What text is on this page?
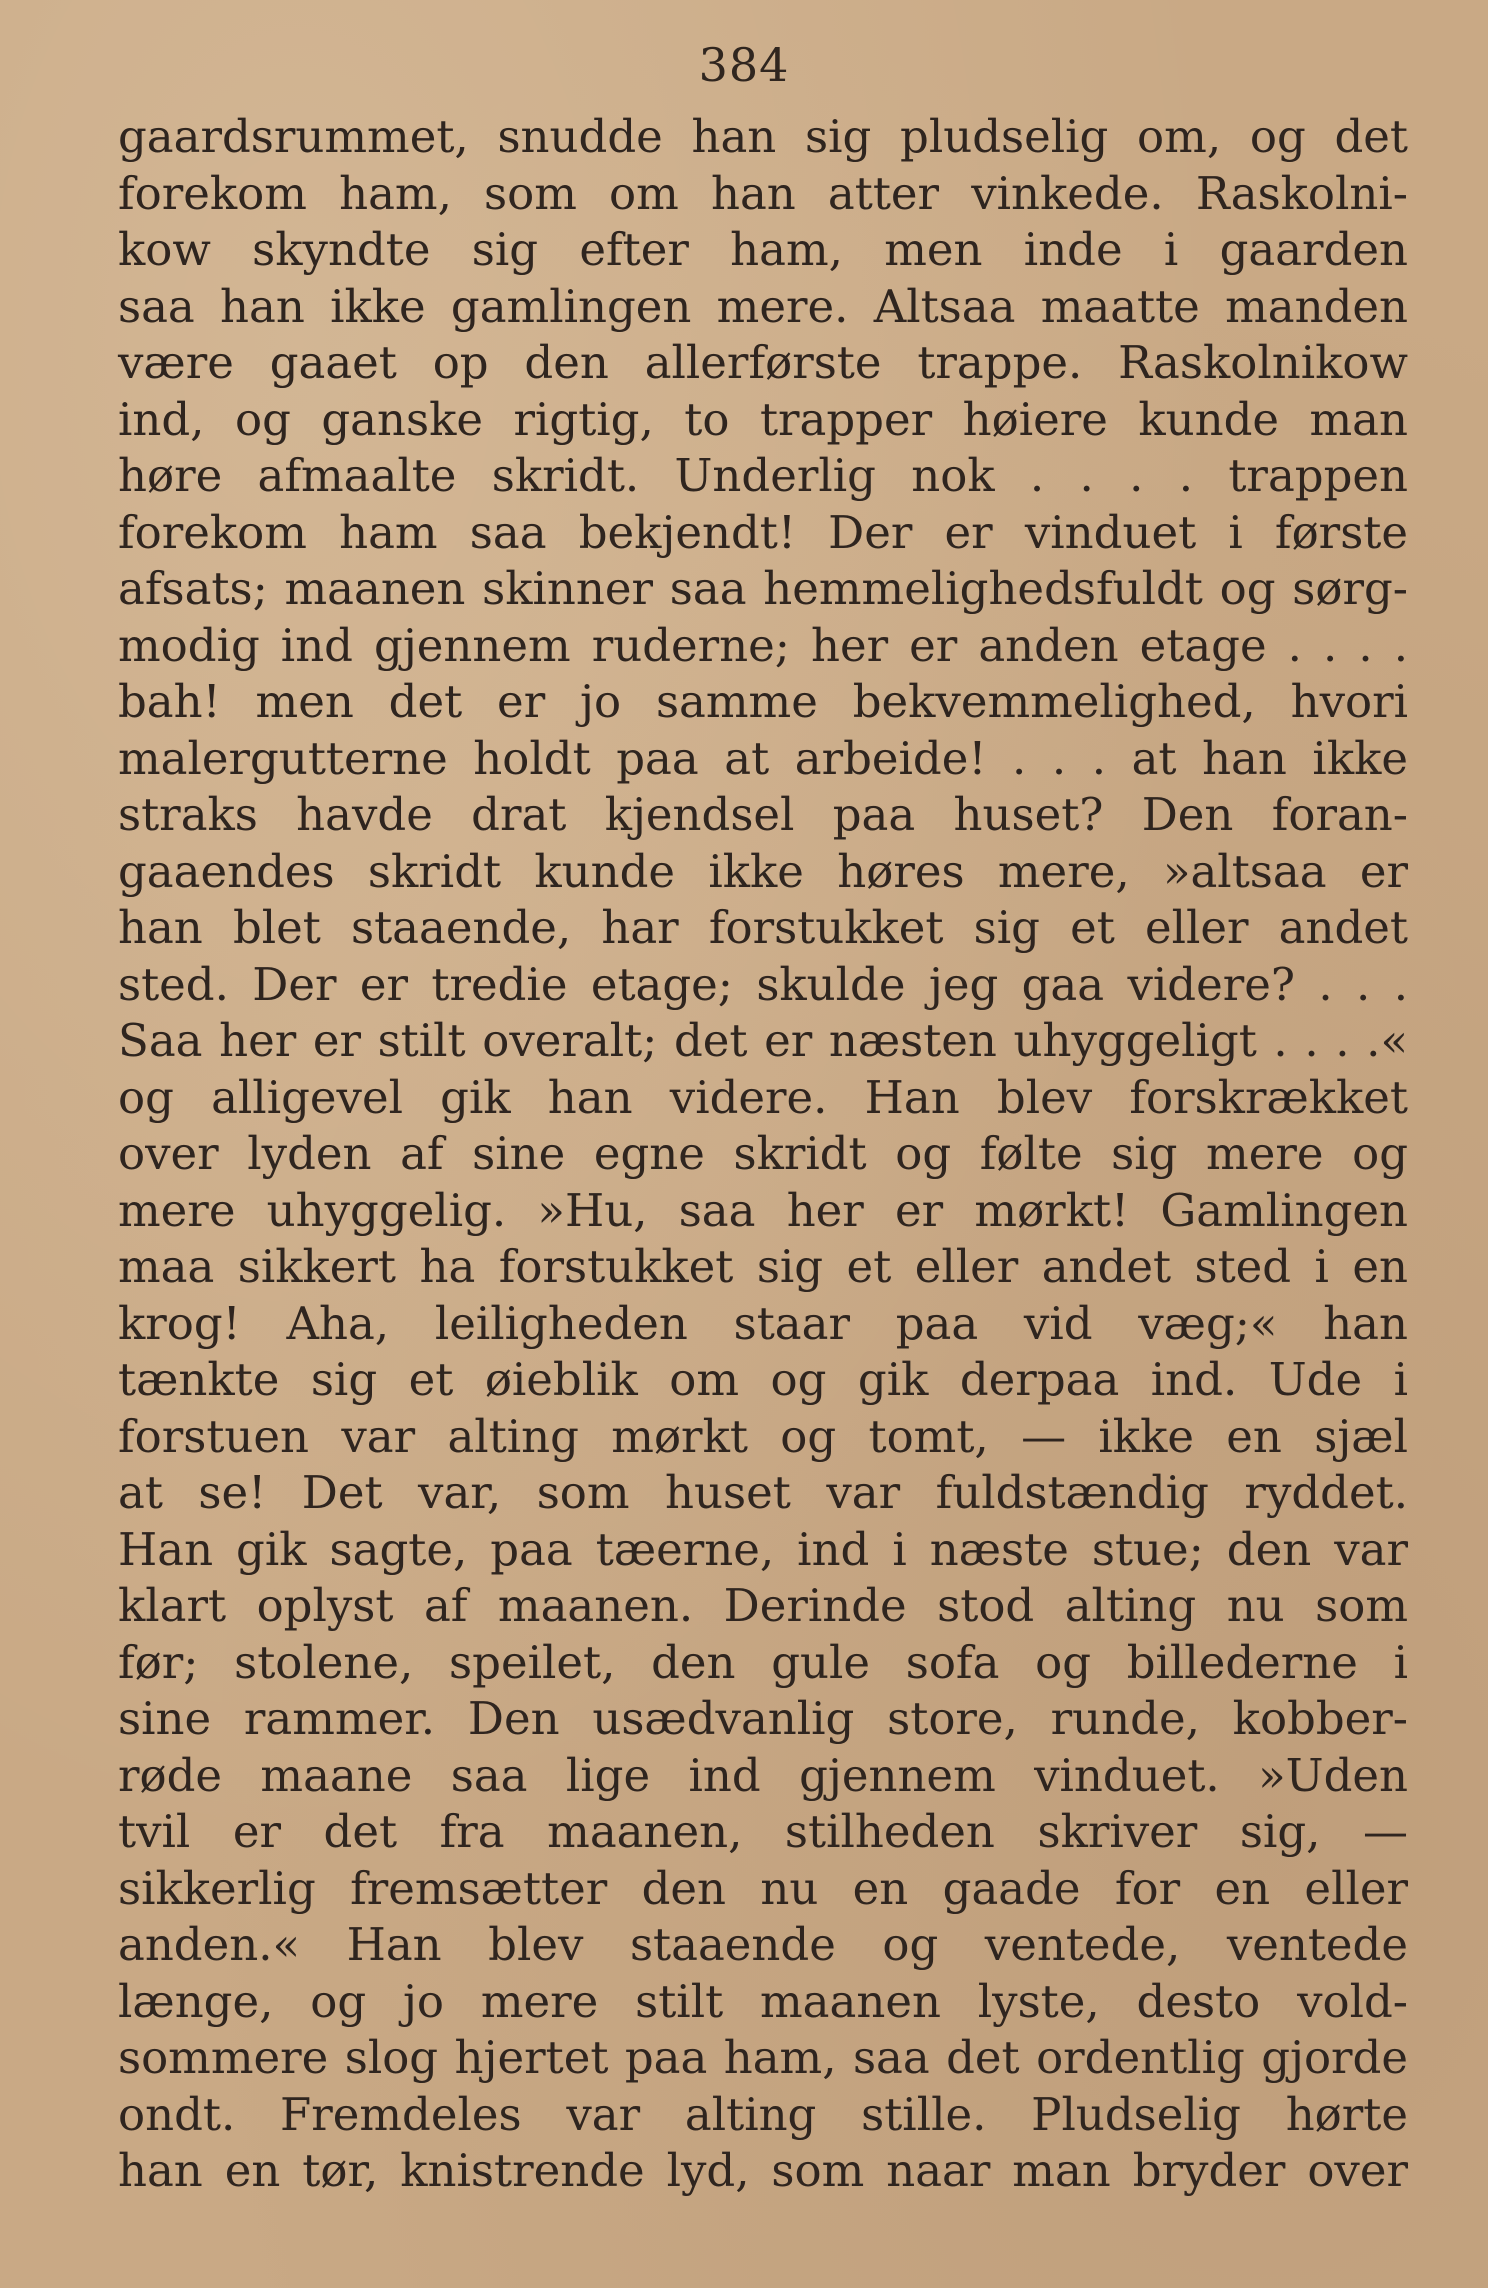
384
gaardsrummet, snudde han sig pludselig om, og det
forekom ham, som om han atter vinkede. Raskolni-
kow skyndte sig efter ham, men inde i gaarden
saa han ikke gamlingen mere. Altsaa maatte manden
være gaaet op den allerførste trappe. Raskolnikow
ind, og ganske rigtig, to trapper høiere kunde man
høre afmaalte skridt. Underlig nok . . . . trappen
forekom ham saa bekjendt! Der er vinduet i første
afsats; maanen skinner saa hemmelighedsfuldt og sørg-
modig ind gjennem ruderne; her er anden etage . . . .
bah! men det er jo samme bekvemmelighed, hvori
malergutterne holdt paa at arbeide! . . . at han ikke
straks havde drat kjendsel paa huset? Den foran-
gaaendes skridt kunde ikke høres mere, »altsaa er
han blet staaende, har forstukket sig et eller andet
sted. Der er tredie etage; skulde jeg gaa videre? . . .
Saa her er stilt overalt; det er næsten uhyggeligt . . . .«
og alligevel gik han videre. Han blev forskrækket
over lyden af sine egne skridt og følte sig mere og
mere uhyggelig. »Hu, saa her er mørkt! Gamlingen
maa sikkert ha forstukket sig et eller andet sted i en
krog! Aha, leiligheden staar paa vid væg;« han
tænkte sig et øieblik om og gik derpaa ind. Ude i
forstuen var alting mørkt og tomt, — ikke en sjæl
at se! Det var, som huset var fuldstændig ryddet.
Han gik sagte, paa tæerne, ind i næste stue; den var
klart oplyst af maanen. Derinde stod alting nu som
før; stolene, speilet, den gule sofa og billederne i
sine rammer. Den usædvanlig store, runde, kobber-
røde maane saa lige ind gjennem vinduet. »Uden
tvil er det fra maanen, stilheden skriver sig, —
sikkerlig fremsætter den nu en gaade for en eller
anden.« Han blev staaende og ventede, ventede
længe, og jo mere stilt maanen lyste, desto vold-
sommere slog hjertet paa ham, saa det ordentlig gjorde
ondt. Fremdeles var alting stille. Pludselig hørte
han en tør, knistrende lyd, som naar man bryder over
